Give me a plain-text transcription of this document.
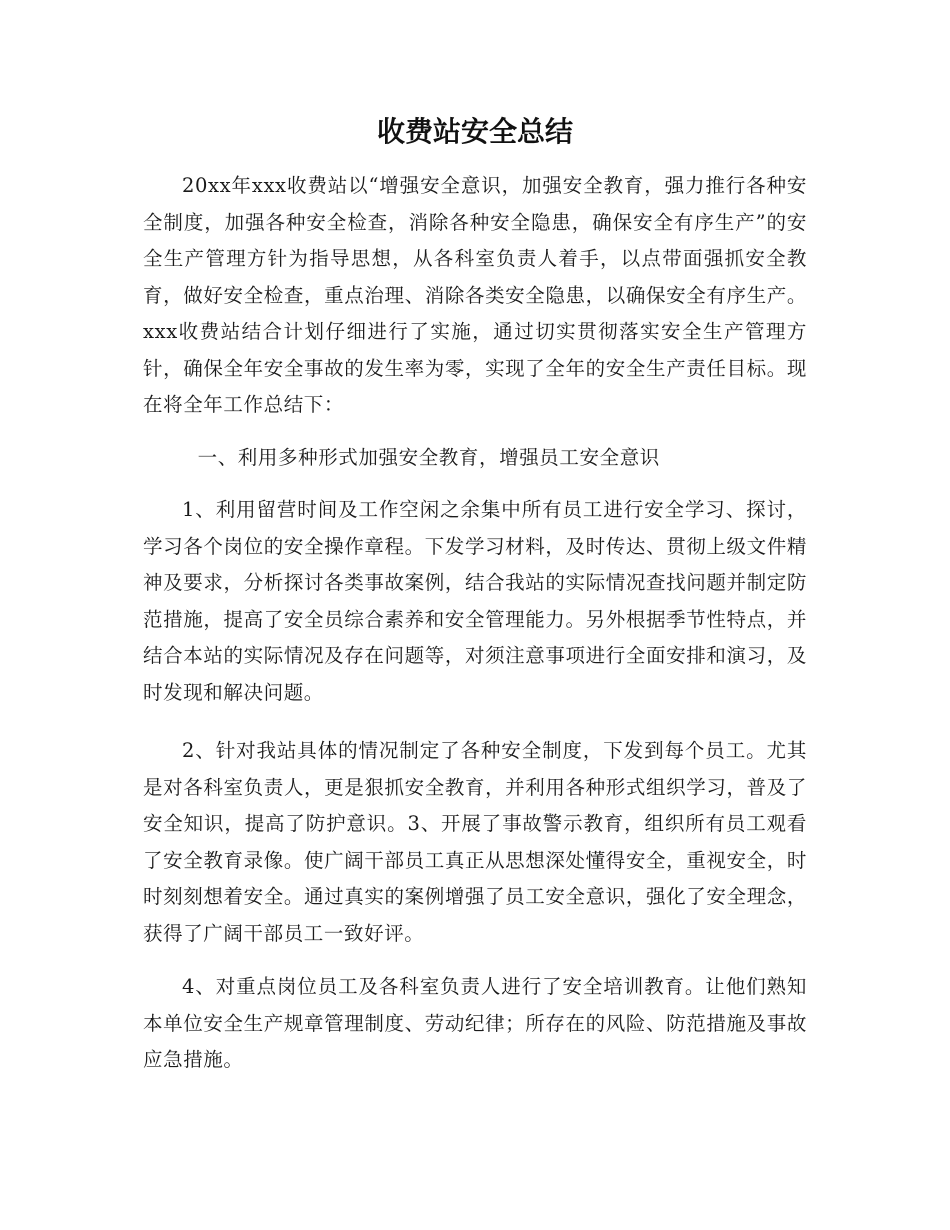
收费站安全总结

20xx年xxx收费站以“增强安全意识，加强安全教育，强力推行各种安全制度，加强各种安全检查，消除各种安全隐患，确保安全有序生产”的安全生产管理方针为指导思想，从各科室负责人着手，以点带面强抓安全教育，做好安全检查，重点治理、消除各类安全隐患，以确保安全有序生产。xxx收费站结合计划仔细进行了实施，通过切实贯彻落实安全生产管理方针，确保全年安全事故的发生率为零，实现了全年的安全生产责任目标。现在将全年工作总结下：

一、利用多种形式加强安全教育，增强员工安全意识

1、利用留营时间及工作空闲之余集中所有员工进行安全学习、探讨，学习各个岗位的安全操作章程。下发学习材料，及时传达、贯彻上级文件精神及要求，分析探讨各类事故案例，结合我站的实际情况查找问题并制定防范措施，提高了安全员综合素养和安全管理能力。另外根据季节性特点，并结合本站的实际情况及存在问题等，对须注意事项进行全面安排和演习，及时发现和解决问题。

2、针对我站具体的情况制定了各种安全制度，下发到每个员工。尤其是对各科室负责人，更是狠抓安全教育，并利用各种形式组织学习，普及了安全知识，提高了防护意识。3、开展了事故警示教育，组织所有员工观看了安全教育录像。使广阔干部员工真正从思想深处懂得安全，重视安全，时时刻刻想着安全。通过真实的案例增强了员工安全意识，强化了安全理念，获得了广阔干部员工一致好评。

4、对重点岗位员工及各科室负责人进行了安全培训教育。让他们熟知本单位安全生产规章管理制度、劳动纪律；所存在的风险、防范措施及事故应急措施。
